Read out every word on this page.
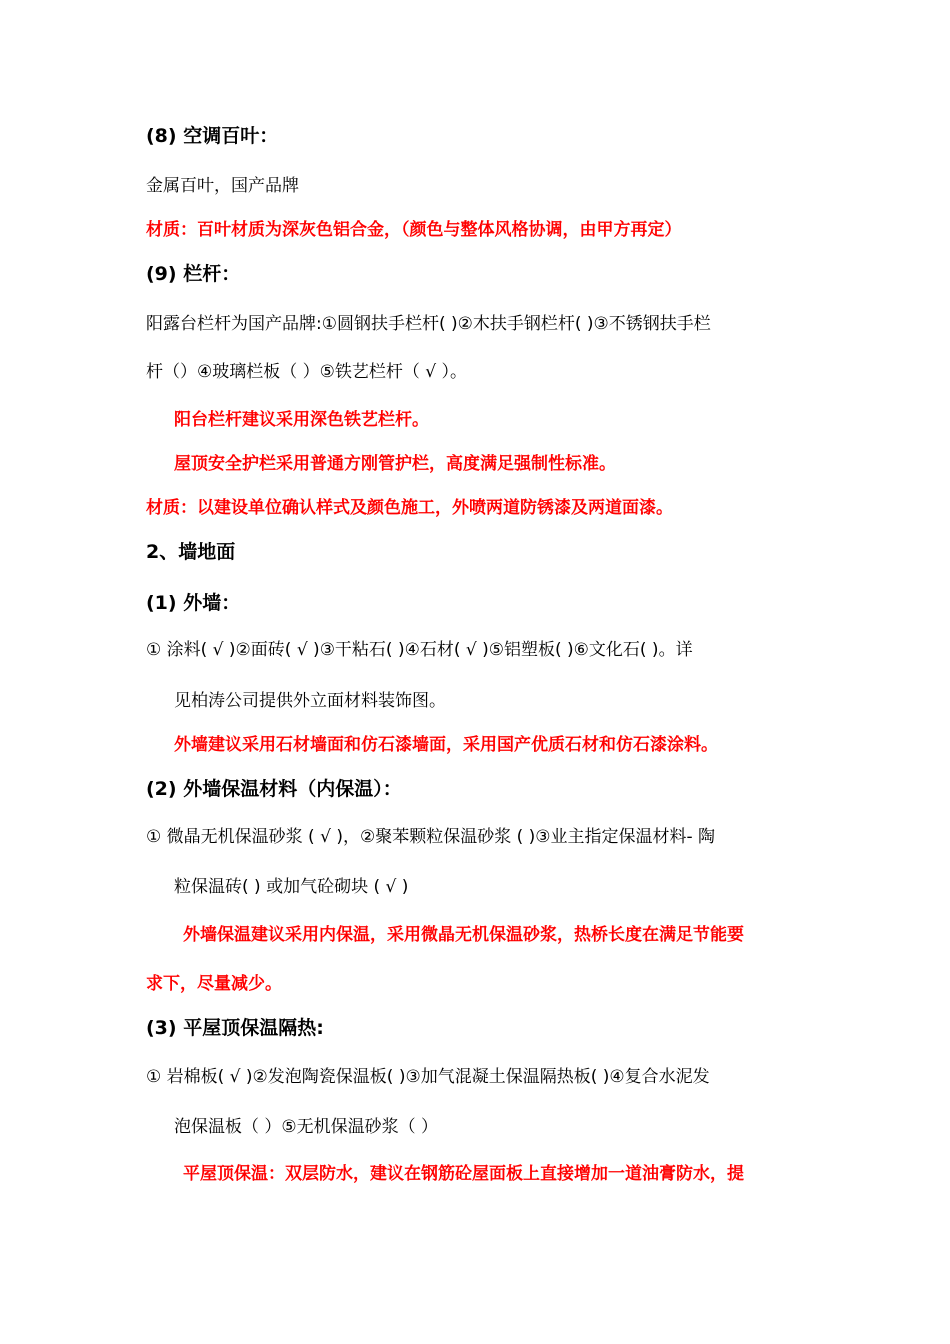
(8) 空调百叶：
金属百叶，国产品牌
材质：百叶材质为深灰色铝合金，（颜色与整体风格协调，由甲方再定）
(9) 栏杆：
阳露台栏杆为国产品牌:①圆钢扶手栏杆( )②木扶手钢栏杆( )③不锈钢扶手栏
杆（）④玻璃栏板（ ）⑤铁艺栏杆（ √ ）。
阳台栏杆建议采用深色铁艺栏杆。
屋顶安全护栏采用普通方刚管护栏，高度满足强制性标准。
材质：以建设单位确认样式及颜色施工，外喷两道防锈漆及两道面漆。
2、墙地面
(1) 外墙：
① 涂料( √ )②面砖( √ )③干粘石( )④石材( √ )⑤铝塑板( )⑥文化石( )。详
见柏涛公司提供外立面材料装饰图。
外墙建议采用石材墙面和仿石漆墙面，采用国产优质石材和仿石漆涂料。
(2) 外墙保温材料（内保温）：
① 微晶无机保温砂浆 ( √ )，②聚苯颗粒保温砂浆 ( )③业主指定保温材料- 陶
粒保温砖( ) 或加气砼砌块 ( √ )
外墙保温建议采用内保温，采用微晶无机保温砂浆，热桥长度在满足节能要
求下，尽量减少。
(3) 平屋顶保温隔热:
① 岩棉板( √ )②发泡陶瓷保温板( )③加气混凝土保温隔热板( )④复合水泥发
泡保温板（ ）⑤无机保温砂浆（ ）
平屋顶保温：双层防水，建议在钢筋砼屋面板上直接增加一道油膏防水，提
